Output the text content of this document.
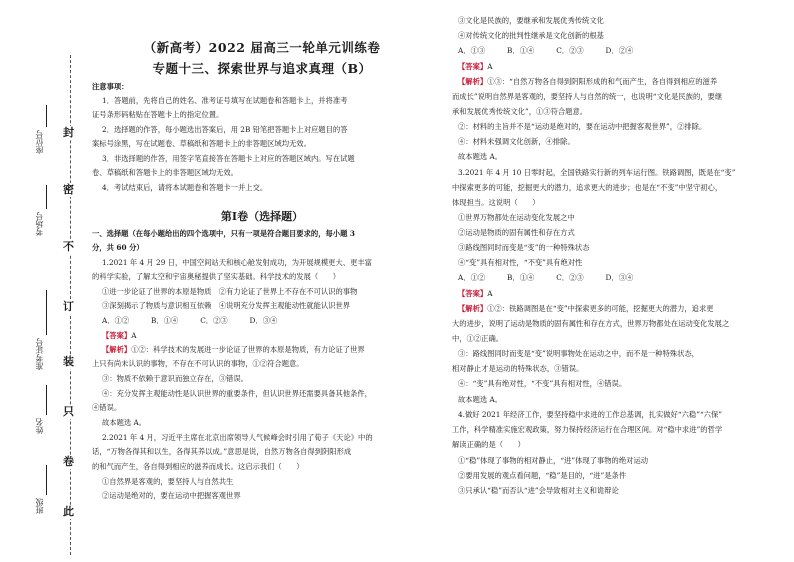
封
密
不
订
装
只
卷
此
座位号
考场号
准考证号
姓名
班级
（新高考）2022 届高三一轮单元训练卷
专题十三、探索世界与追求真理（B）
注意事项：
1．答题前，先将自己的姓名、准考证号填写在试题卷和答题卡上，并将准考
证号条形码粘贴在答题卡上的指定位置。
2．选择题的作答，每小题选出答案后，用 2B 铅笔把答题卡上对应题目的答
案标号涂黑，写在试题卷、草稿纸和答题卡上的非答题区域均无效。
3．非选择题的作答，用签字笔直接答在答题卡上对应的答题区域内。写在试题
卷、草稿纸和答题卡上的非答题区域均无效。
4．考试结束后，请将本试题卷和答题卡一并上交。
第Ⅰ卷（选择题）
一、选择题（在每小题给出的四个选项中，只有一项是符合题目要求的，每小题 3
分，共 60 分）
1.2021 年 4 月 29 日，中国空间站天和核心舱发射成功，为开展规模更大、更丰富
的科学实验，了解太空和宇宙奥秘提供了坚实基础。科学技术的发展（　　）
①进一步论证了世界的本原是物质　②有力论证了世界上不存在不可认识的事物
③深刻揭示了物质与意识相互依赖　④说明充分发挥主观能动性就能认识世界
A．①②　　　B．①④　　　C．②③　　　D．③④
【答案】A
【解析】①②：科学技术的发展进一步论证了世界的本原是物质，有力论证了世界
上只有尚未认识的事物，不存在不可认识的事物，①②符合题意。
③：物质不依赖于意识而独立存在，③错误。
④：充分发挥主观能动性是认识世界的重要条件，但认识世界还需要具备其他条件，
④错误。
故本题选 A。
2.2021 年 4 月，习近平主席在北京出席领导人气候峰会时引用了荀子《天论》中的
话，“万物各得其和以生，各得其养以成。”意思是说，自然万物各自得到阴阳形成
的和气而产生，各自得到相应的滋养而成长。这启示我们（　　）
①自然界是客观的，要坚持人与自然共生
②运动是绝对的，要在运动中把握客观世界
③文化是民族的，要继承和发展优秀传统文化
④对传统文化的批判性继承是文化创新的根基
A．①③　　　B．①④　　　C．②③　　　D．②④
【答案】A
【解析】①③：“自然万物各自得到阴阳形成的和气而产生，各自得到相应的滋养
而成长”说明自然界是客观的，要坚持人与自然的统一，也说明“文化是民族的，要继
承和发展优秀传统文化”，①③符合题意。
②：材料的主旨并不是“运动是绝对的，要在运动中把握客观世界”，②排除。
④：材料未强调文化创新，④排除。
故本题选 A。
3.2021 年 4 月 10 日零时起，全国铁路实行新的列车运行图。铁路调图，既是在“变”
中探索更多的可能，挖掘更大的潜力，追求更大的进步；也是在“不变”中坚守初心，
体现担当。这说明（　　）
①世界万物都处在运动变化发展之中
②运动是物质的固有属性和存在方式
③路线图同时而变是“变”的一种特殊状态
④“变”具有相对性，“不变”具有绝对性
A．①②　　　B．①④　　　C．②③　　　D．③④
【答案】A
【解析】①②：铁路调图是在“变”中探索更多的可能，挖掘更大的潜力，追求更
大的进步，说明了运动是物质的固有属性和存在方式，世界万物都处在运动变化发展之
中，①②正确。
③：路线图同时而变是“变”说明事物处在运动之中，而不是一种特殊状态，
相对静止才是运动的特殊状态，③错误。
④：“变”具有绝对性，“不变”具有相对性，④错误。
故本题选 A。
4.做好 2021 年经济工作，要坚持稳中求进的工作总基调，扎实做好“六稳”“六保”
工作，科学精准实施宏观政策，努力保持经济运行在合理区间。对“稳中求进”的哲学
解读正确的是（　　）
①“稳”体现了事物的相对静止，“进”体现了事物的绝对运动
②要用发展的观点看问题，“稳”是目的，“进”是条件
③只承认“稳”而否认“进”会导致相对主义和诡辩论
